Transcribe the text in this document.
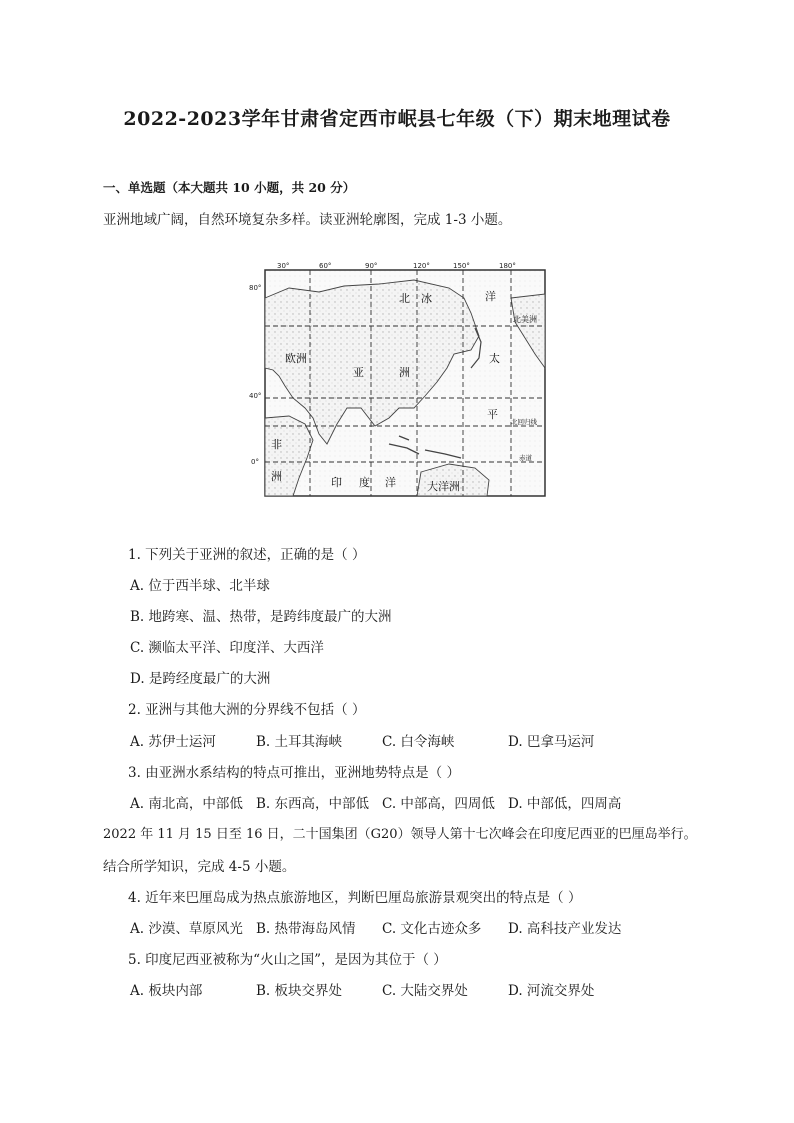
2022-2023学年甘肃省定西市岷县七年级（下）期末地理试卷
一、单选题（本大题共 10 小题，共 20 分）
亚洲地域广阔，自然环境复杂多样。读亚洲轮廓图，完成 1-3 小题。
30°	60°	90°	120°	150°	180°
80°
40°
0°
北 冰	洋
欧洲
亚	洲
非
洲
太
平
印 度 洋	大洋洲
北美洲
北回归线
赤道
1. 下列关于亚洲的叙述，正确的是（ ）
A. 位于西半球、北半球
B. 地跨寒、温、热带，是跨纬度最广的大洲
C. 濒临太平洋、印度洋、大西洋
D. 是跨经度最广的大洲
2. 亚洲与其他大洲的分界线不包括（ ）
A. 苏伊士运河	B. 土耳其海峡	C. 白令海峡	D. 巴拿马运河
3. 由亚洲水系结构的特点可推出，亚洲地势特点是（ ）
A. 南北高，中部低 B. 东西高，中部低 C. 中部高，四周低 D. 中部低，四周高
2022 年 11 月 15 日至 16 日，二十国集团（G20）领导人第十七次峰会在印度尼西亚的巴厘岛举行。
结合所学知识，完成 4-5 小题。
4. 近年来巴厘岛成为热点旅游地区，判断巴厘岛旅游景观突出的特点是（ ）
A. 沙漠、草原风光 B. 热带海岛风情 C. 文化古迹众多 D. 高科技产业发达
5. 印度尼西亚被称为“火山之国”，是因为其位于（ ）
A. 板块内部	B. 板块交界处	C. 大陆交界处	D. 河流交界处
